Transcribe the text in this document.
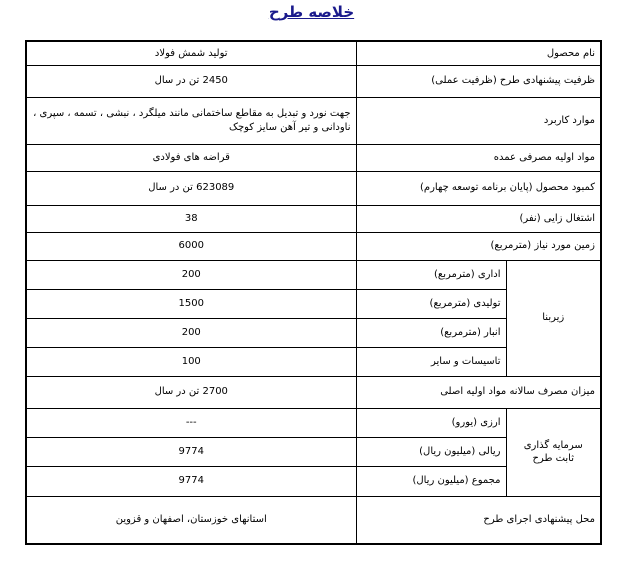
خلاصه طرح
نام محصول		تولید شمش فولاد
ظرفیت پیشنهادی طرح (ظرفیت عملی)		2450 تن در سال
موارد کاربرد		جهت نورد و تبدیل به مقاطع ساختمانی مانند میلگرد ، نبشی ، تسمه ، سپری ، ناودانی و تیر آهن سایز کوچک
مواد اولیه مصرفی عمده		قراضه های فولادی
کمبود محصول (پایان برنامه توسعه چهارم)		623089 تن در سال
اشتغال زایی (نفر)		38
زمین مورد نیاز (مترمربع)		6000
زیربنا	اداری (مترمربع)	200
	تولیدی (مترمربع)	1500
	انبار (مترمربع)	200
	تاسیسات و سایر	100
میزان مصرف سالانه مواد اولیه اصلی		2700 تن در سال

سرمایه گذاری
ثابت طرح	ارزی (یورو)	---
	ریالی (میلیون ریال)	9774
	مجموع (میلیون ریال)	9774
محل پیشنهادی اجرای طرح		استانهای خوزستان، اصفهان و قزوین
